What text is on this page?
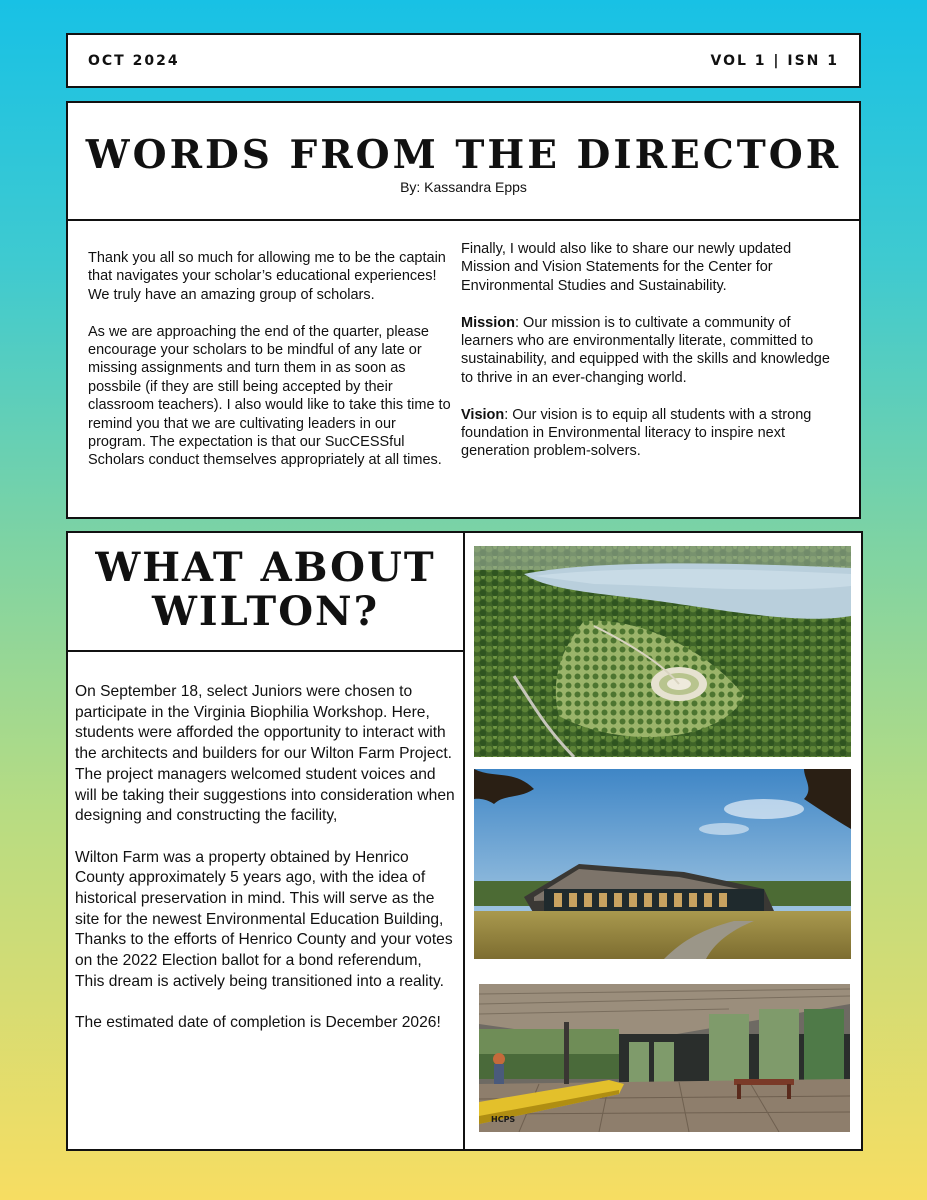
OCT 2024	VOL 1 | ISN 1
WORDS FROM THE DIRECTOR
By: Kassandra Epps

Thank you all so much for allowing me to be the captain that navigates your scholar’s educational experiences! We truly have an amazing group of scholars.

As we are approaching the end of the quarter, please encourage your scholars to be mindful of any late or missing assignments and turn them in as soon as possbile (if they are still being accepted by their classroom teachers). I also would like to take this time to remind you that we are cultivating leaders in our program. The expectation is that our SucCESSful Scholars conduct themselves appropriately at all times.

Finally, I would also like to share our newly updated Mission and Vision Statements for the Center for Environmental Studies and Sustainability.

Mission: Our mission is to cultivate a community of learners who are environmentally literate, committed to sustainability, and equipped with the skills and knowledge to thrive in an ever-changing world.

Vision: Our vision is to equip all students with a strong foundation in Environmental literacy to inspire next generation problem-solvers.

WHAT ABOUT
WILTON?

On September 18, select Juniors were chosen to participate in the Virginia Biophilia Workshop. Here, students were afforded the opportunity to interact with the architects and builders for our Wilton Farm Project. The project managers welcomed student voices and will be taking their suggestions into consideration when designing and constructing the facility,

Wilton Farm was a property obtained by Henrico County approximately 5 years ago, with the idea of historical preservation in mind. This will serve as the site for the newest Environmental Education Building, Thanks to the efforts of Henrico County and your votes on the 2022 Election ballot for a bond referendum, This dream is actively being transitioned into a reality.

The estimated date of completion is December 2026!

HCPS
